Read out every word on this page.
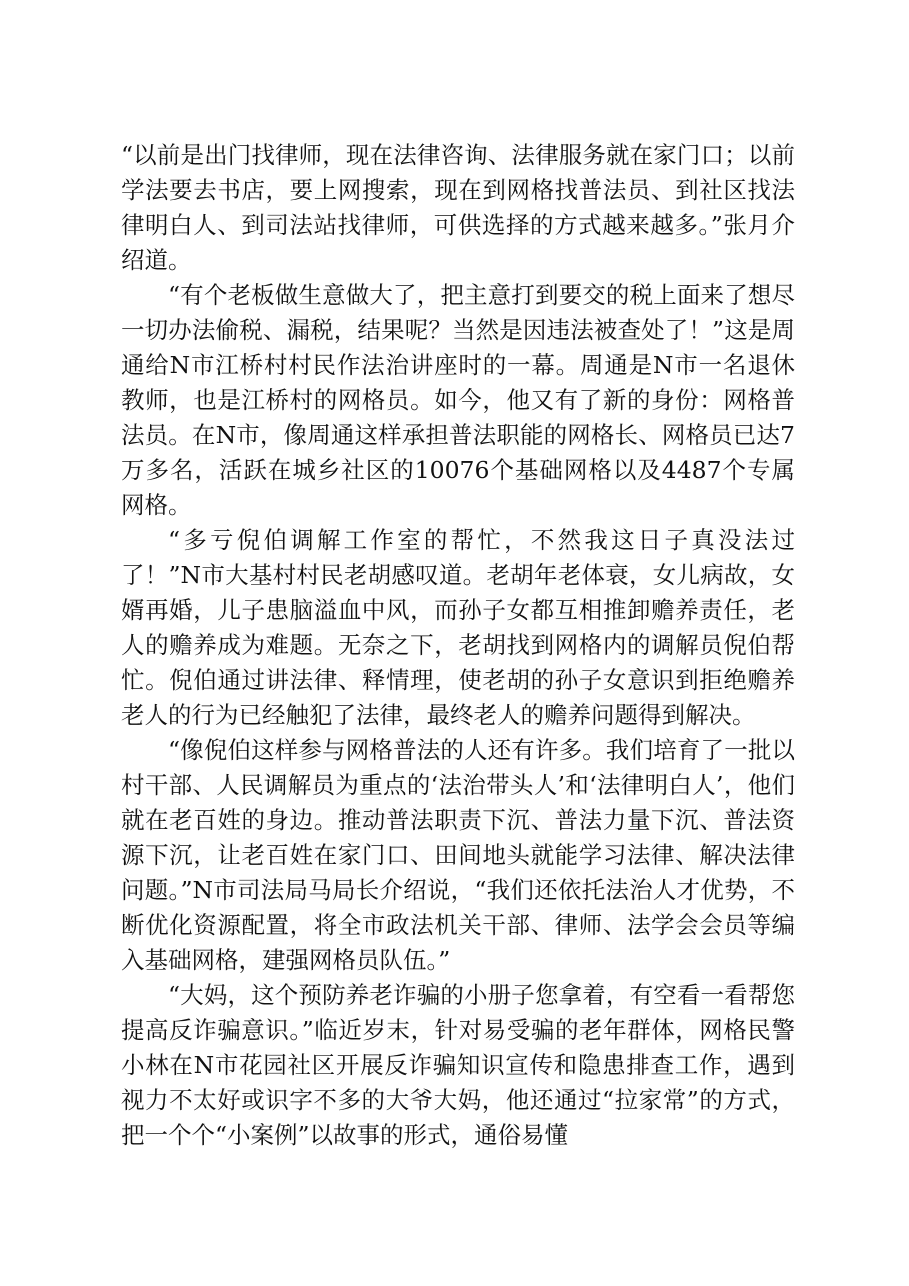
“以前是出门找律师，现在法律咨询、法律服务就在家门口；以前学法要去书店，要上网搜索，现在到网格找普法员、到社区找法律明白人、到司法站找律师，可供选择的方式越来越多。”张月介绍道。

“有个老板做生意做大了，把主意打到要交的税上面来了想尽一切办法偷税、漏税，结果呢？当然是因违法被查处了！”这是周通给N市江桥村村民作法治讲座时的一幕。周通是N市一名退休教师，也是江桥村的网格员。如今，他又有了新的身份：网格普法员。在N市，像周通这样承担普法职能的网格长、网格员已达7万多名，活跃在城乡社区的10076个基础网格以及4487个专属网格。

“多亏倪伯调解工作室的帮忙，不然我这日子真没法过了！”N市大基村村民老胡感叹道。老胡年老体衰，女儿病故，女婿再婚，儿子患脑溢血中风，而孙子女都互相推卸赡养责任，老人的赡养成为难题。无奈之下，老胡找到网格内的调解员倪伯帮忙。倪伯通过讲法律、释情理，使老胡的孙子女意识到拒绝赡养老人的行为已经触犯了法律，最终老人的赡养问题得到解决。

“像倪伯这样参与网格普法的人还有许多。我们培育了一批以村干部、人民调解员为重点的‘法治带头人’和‘法律明白人’，他们就在老百姓的身边。推动普法职责下沉、普法力量下沉、普法资源下沉，让老百姓在家门口、田间地头就能学习法律、解决法律问题。”N市司法局马局长介绍说，“我们还依托法治人才优势，不断优化资源配置，将全市政法机关干部、律师、法学会会员等编入基础网格，建强网格员队伍。”

“大妈，这个预防养老诈骗的小册子您拿着，有空看一看帮您提高反诈骗意识。”临近岁末，针对易受骗的老年群体，网格民警小林在N市花园社区开展反诈骗知识宣传和隐患排查工作，遇到视力不太好或识字不多的大爷大妈，他还通过“拉家常”的方式，把一个个“小案例”以故事的形式，通俗易懂
